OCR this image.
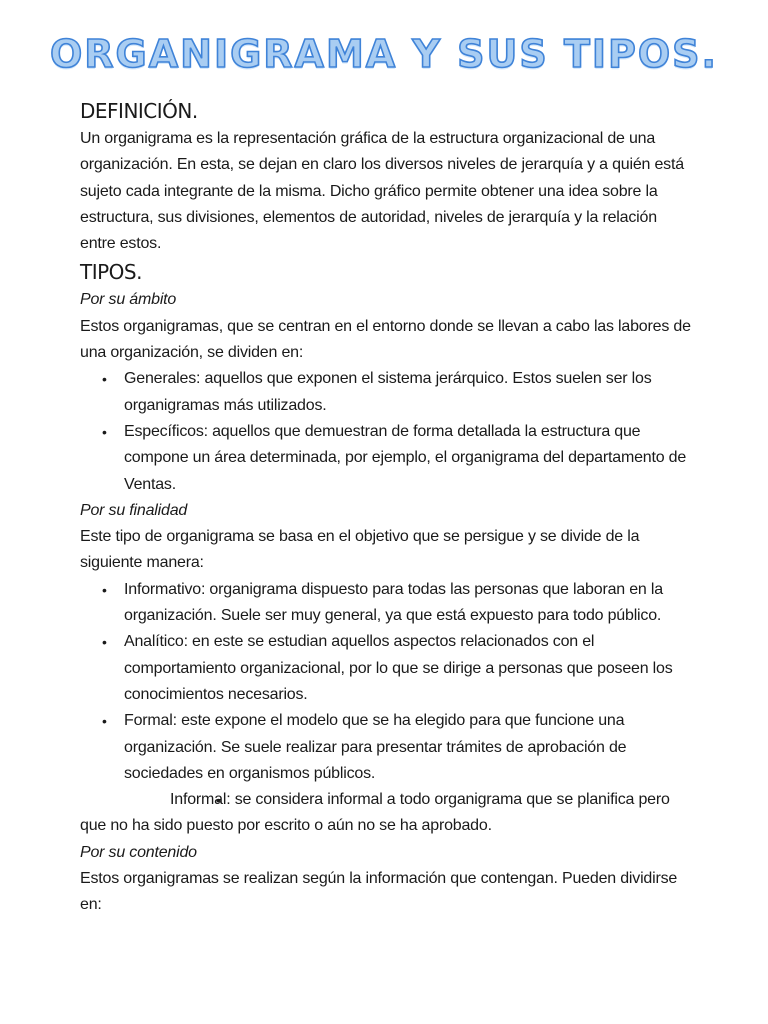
ORGANIGRAMA Y SUS TIPOS.
DEFINICIÓN.

Un organigrama es la representación gráfica de la estructura organizacional de una organización. En esta, se dejan en claro los diversos niveles de jerarquía y a quién está sujeto cada integrante de la misma. Dicho gráfico permite obtener una idea sobre la estructura, sus divisiones, elementos de autoridad, niveles de jerarquía y la relación entre estos.

TIPOS.

Por su ámbito

Estos organigramas, que se centran en el entorno donde se llevan a cabo las labores de una organización, se dividen en:

• Generales: aquellos que exponen el sistema jerárquico. Estos suelen ser los organigramas más utilizados.
• Específicos: aquellos que demuestran de forma detallada la estructura que compone un área determinada, por ejemplo, el organigrama del departamento de Ventas.

Por su finalidad

Este tipo de organigrama se basa en el objetivo que se persigue y se divide de la siguiente manera:

• Informativo: organigrama dispuesto para todas las personas que laboran en la organización. Suele ser muy general, ya que está expuesto para todo público.
• Analítico: en este se estudian aquellos aspectos relacionados con el comportamiento organizacional, por lo que se dirige a personas que poseen los conocimientos necesarios.
• Formal: este expone el modelo que se ha elegido para que funcione una organización. Se suele realizar para presentar trámites de aprobación de sociedades en organismos públicos.
• Informal: se considera informal a todo organigrama que se planifica pero que no ha sido puesto por escrito o aún no se ha aprobado.

Por su contenido

Estos organigramas se realizan según la información que contengan. Pueden dividirse en:
